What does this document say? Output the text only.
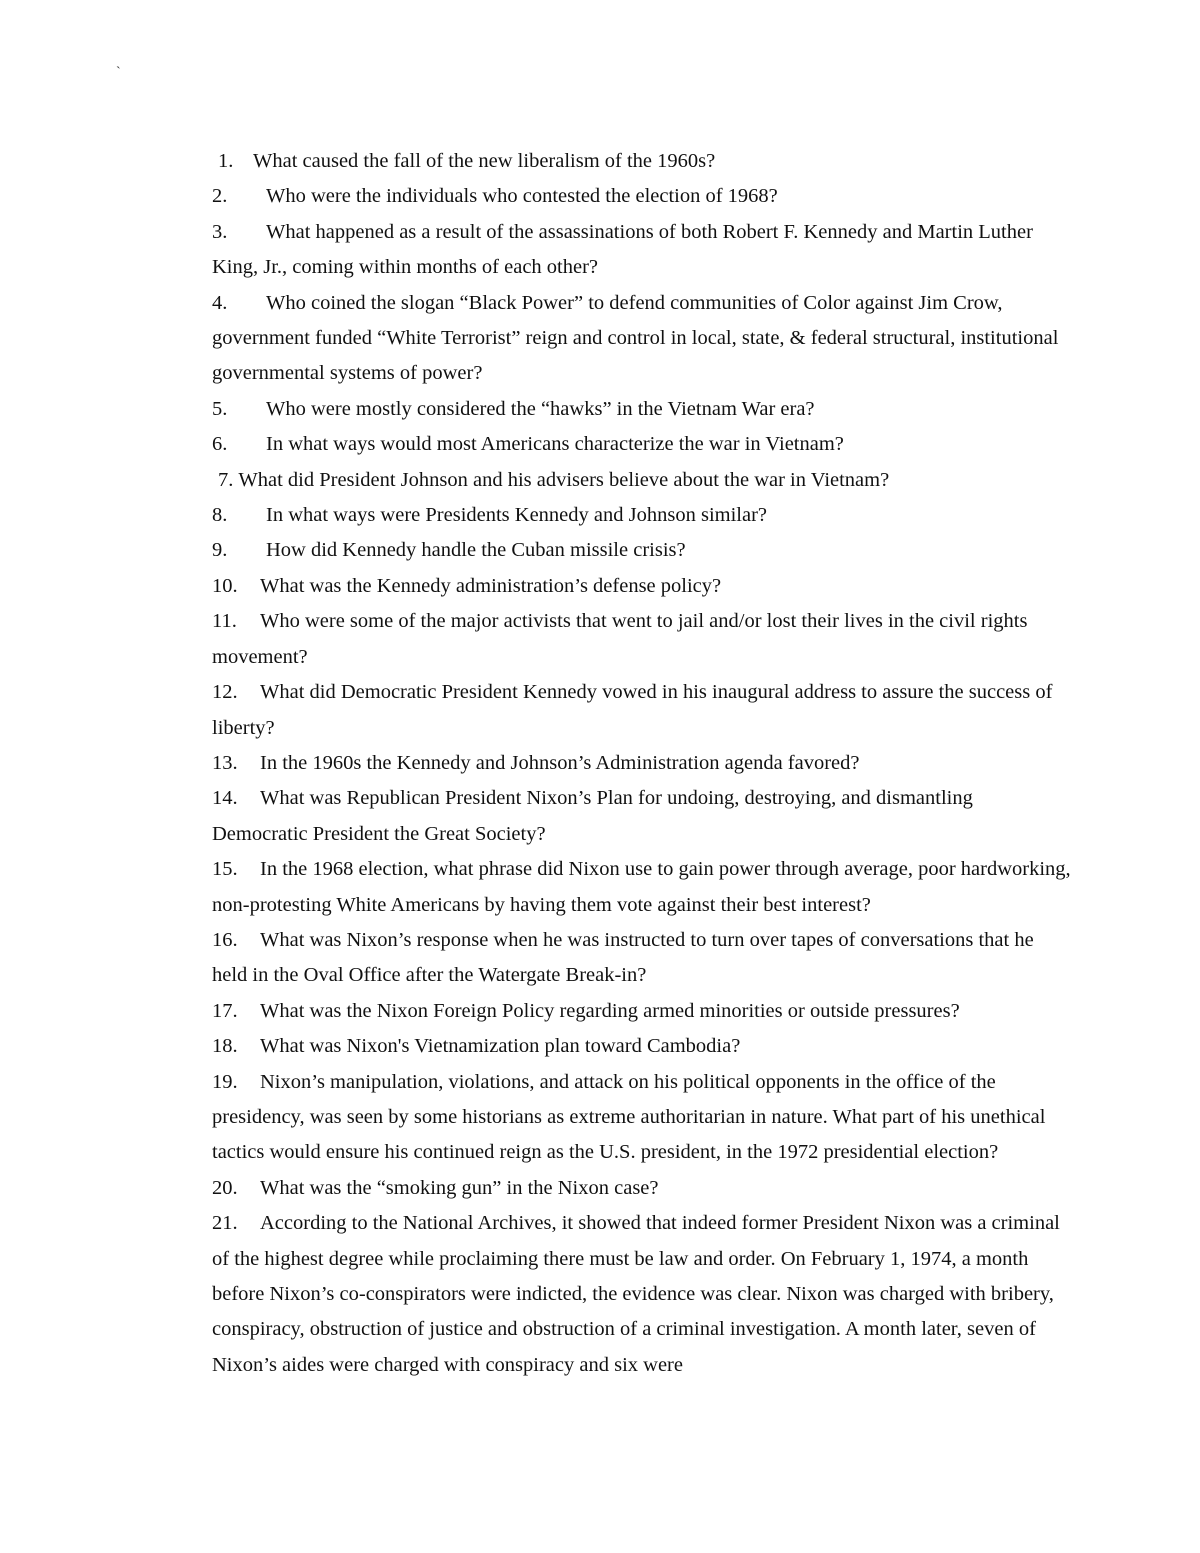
`

1. What caused the fall of the new liberalism of the 1960s?

2. Who were the individuals who contested the election of 1968?

3. What happened as a result of the assassinations of both Robert F. Kennedy and Martin Luther King, Jr., coming within months of each other?

4. Who coined the slogan “Black Power” to defend communities of Color against Jim Crow, government funded “White Terrorist” reign and control in local, state, & federal structural, institutional governmental systems of power?

5. Who were mostly considered the “hawks” in the Vietnam War era?

6. In what ways would most Americans characterize the war in Vietnam?

7. What did President Johnson and his advisers believe about the war in Vietnam?

8. In what ways were Presidents Kennedy and Johnson similar?

9. How did Kennedy handle the Cuban missile crisis?

10. What was the Kennedy administration’s defense policy?

11. Who were some of the major activists that went to jail and/or lost their lives in the civil rights movement?

12. What did Democratic President Kennedy vowed in his inaugural address to assure the success of liberty?

13. In the 1960s the Kennedy and Johnson’s Administration agenda favored?

14. What was Republican President Nixon’s Plan for undoing, destroying, and dismantling Democratic President the Great Society?

15. In the 1968 election, what phrase did Nixon use to gain power through average, poor hardworking, non-protesting White Americans by having them vote against their best interest?

16. What was Nixon’s response when he was instructed to turn over tapes of conversations that he held in the Oval Office after the Watergate Break-in?

17. What was the Nixon Foreign Policy regarding armed minorities or outside pressures?

18. What was Nixon's Vietnamization plan toward Cambodia?

19. Nixon’s manipulation, violations, and attack on his political opponents in the office of the presidency, was seen by some historians as extreme authoritarian in nature. What part of his unethical tactics would ensure his continued reign as the U.S. president, in the 1972 presidential election?

20. What was the “smoking gun” in the Nixon case?

21. According to the National Archives, it showed that indeed former President Nixon was a criminal of the highest degree while proclaiming there must be law and order. On February 1, 1974, a month before Nixon’s co-conspirators were indicted, the evidence was clear. Nixon was charged with bribery, conspiracy, obstruction of justice and obstruction of a criminal investigation. A month later, seven of Nixon’s aides were charged with conspiracy and six were
